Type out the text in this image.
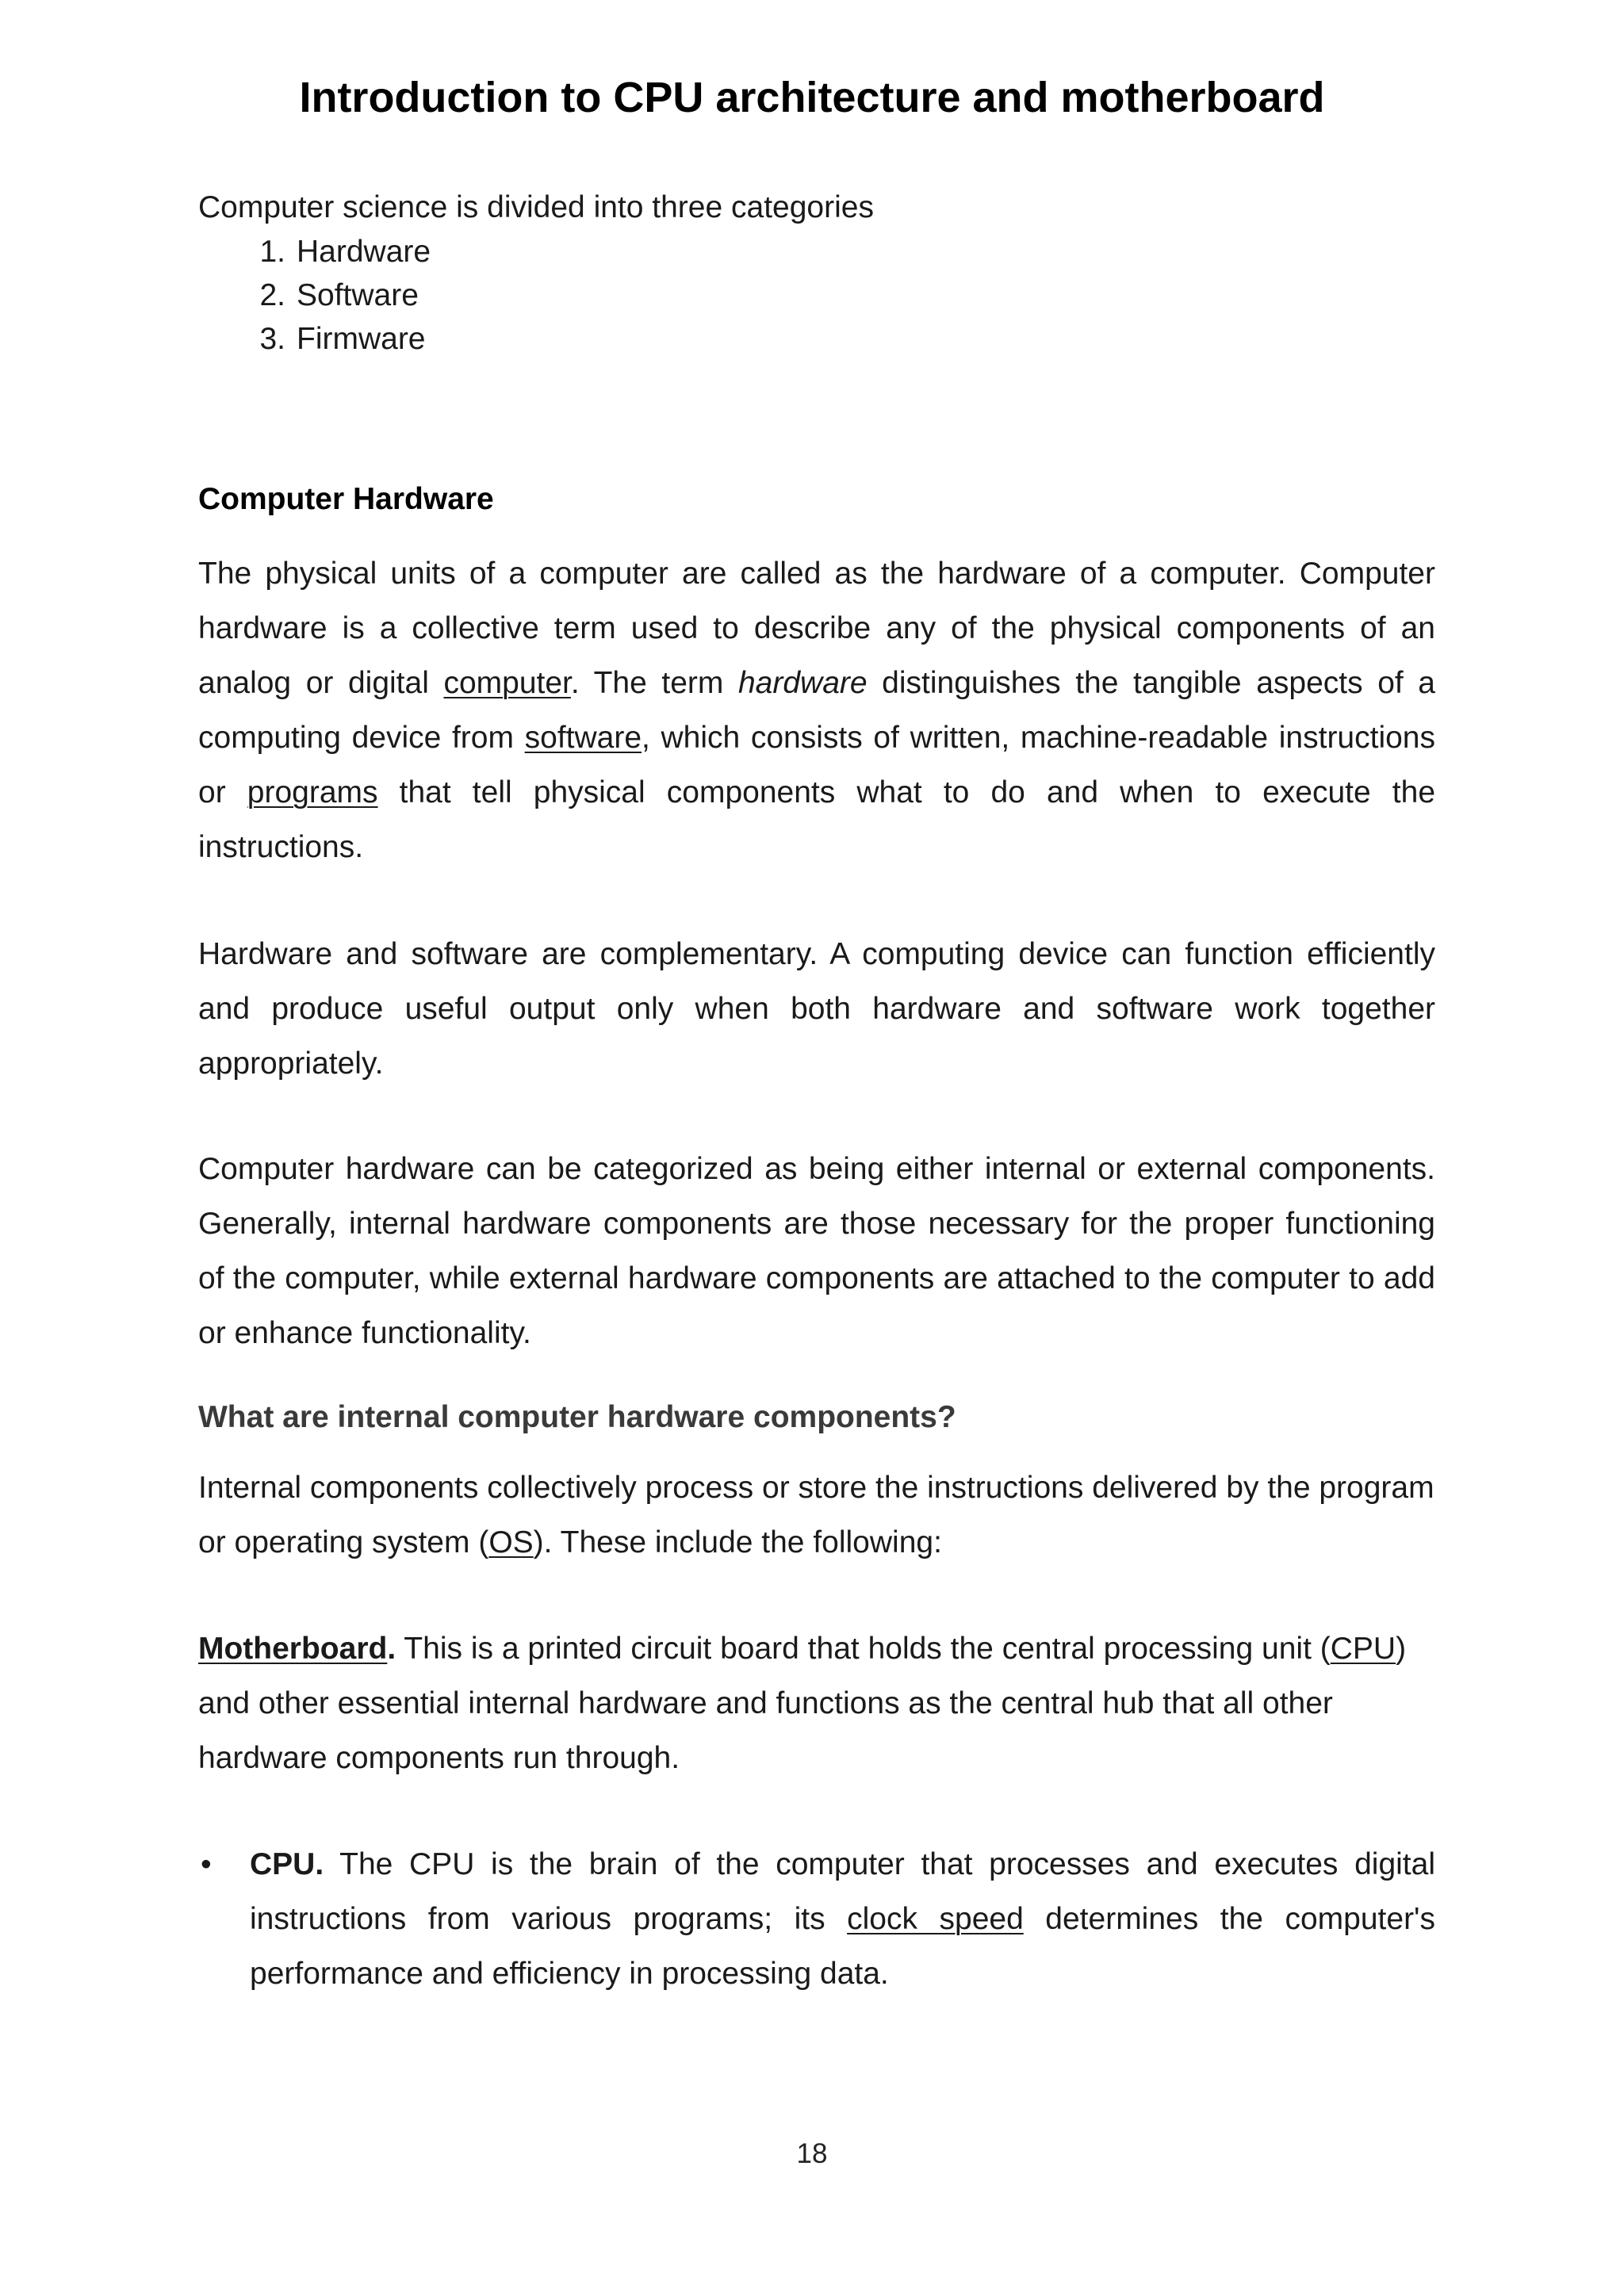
Introduction to CPU architecture and motherboard

Computer science is divided into three categories

1. Hardware
2. Software
3. Firmware
Computer Hardware

The physical units of a computer are called as the hardware of a computer. Computer hardware is a collective term used to describe any of the physical components of an analog or digital computer. The term hardware distinguishes the tangible aspects of a computing device from software, which consists of written, machine-readable instructions or programs that tell physical components what to do and when to execute the instructions.

Hardware and software are complementary. A computing device can function efficiently and produce useful output only when both hardware and software work together appropriately.

Computer hardware can be categorized as being either internal or external components. Generally, internal hardware components are those necessary for the proper functioning of the computer, while external hardware components are attached to the computer to add or enhance functionality.

What are internal computer hardware components?

Internal components collectively process or store the instructions delivered by the program or operating system (OS). These include the following:

Motherboard. This is a printed circuit board that holds the central processing unit (CPU) and other essential internal hardware and functions as the central hub that all other hardware components run through.

• CPU. The CPU is the brain of the computer that processes and executes digital instructions from various programs; its clock speed determines the computer's performance and efficiency in processing data.

18
